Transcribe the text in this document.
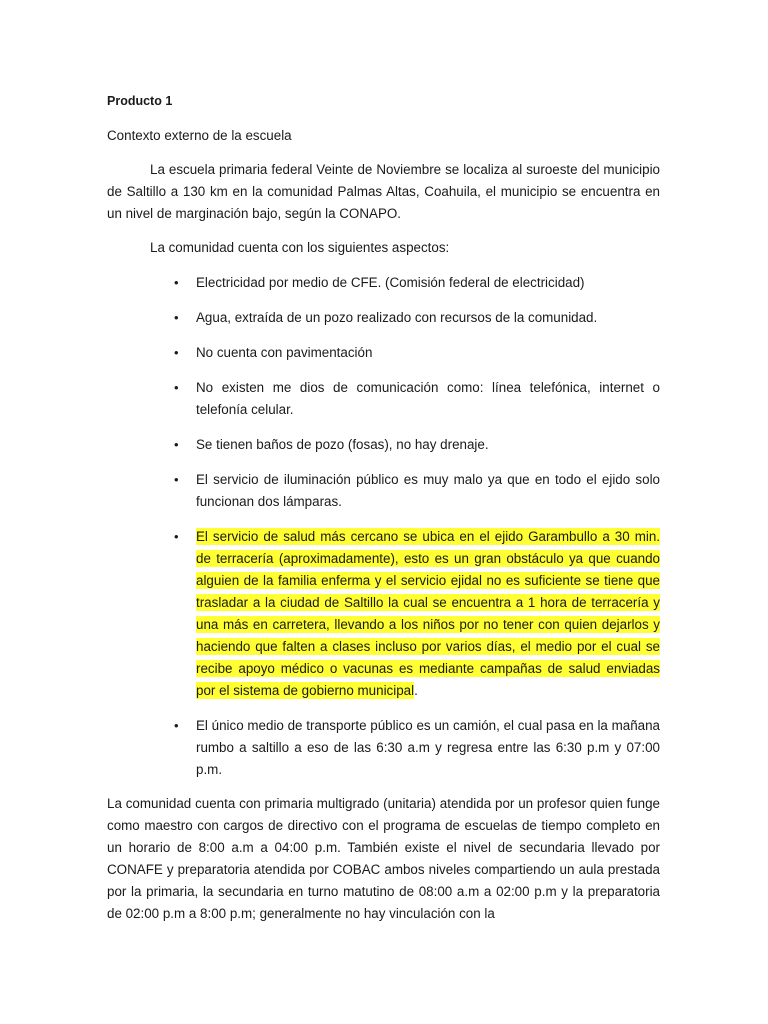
Producto 1

Contexto externo de la escuela

La escuela primaria federal Veinte de Noviembre se localiza al suroeste del municipio de Saltillo a 130 km en la comunidad Palmas Altas, Coahuila, el municipio se encuentra en un nivel de marginación bajo, según la CONAPO.

La comunidad cuenta con los siguientes aspectos:

• Electricidad por medio de CFE. (Comisión federal de electricidad)
• Agua, extraída de un pozo realizado con recursos de la comunidad.
• No cuenta con pavimentación
• No existen me dios de comunicación como: línea telefónica, internet o telefonía celular.
• Se tienen baños de pozo (fosas), no hay drenaje.
• El servicio de iluminación público es muy malo ya que en todo el ejido solo funcionan dos lámparas.
• El servicio de salud más cercano se ubica en el ejido Garambullo a 30 min. de terracería (aproximadamente), esto es un gran obstáculo ya que cuando alguien de la familia enferma y el servicio ejidal no es suficiente se tiene que trasladar a la ciudad de Saltillo la cual se encuentra a 1 hora de terracería y una más en carretera, llevando a los niños por no tener con quien dejarlos y haciendo que falten a clases incluso por varios días, el medio por el cual se recibe apoyo médico o vacunas es mediante campañas de salud enviadas por el sistema de gobierno municipal.
• El único medio de transporte público es un camión, el cual pasa en la mañana rumbo a saltillo a eso de las 6:30 a.m y regresa entre las 6:30 p.m y 07:00 p.m.

La comunidad cuenta con primaria multigrado (unitaria) atendida por un profesor quien funge como maestro con cargos de directivo con el programa de escuelas de tiempo completo en un horario de 8:00 a.m a 04:00 p.m. También existe el nivel de secundaria llevado por CONAFE y preparatoria atendida por COBAC ambos niveles compartiendo un aula prestada por la primaria, la secundaria en turno matutino de 08:00 a.m a 02:00 p.m y la preparatoria de 02:00 p.m a 8:00 p.m; generalmente no hay vinculación con la
